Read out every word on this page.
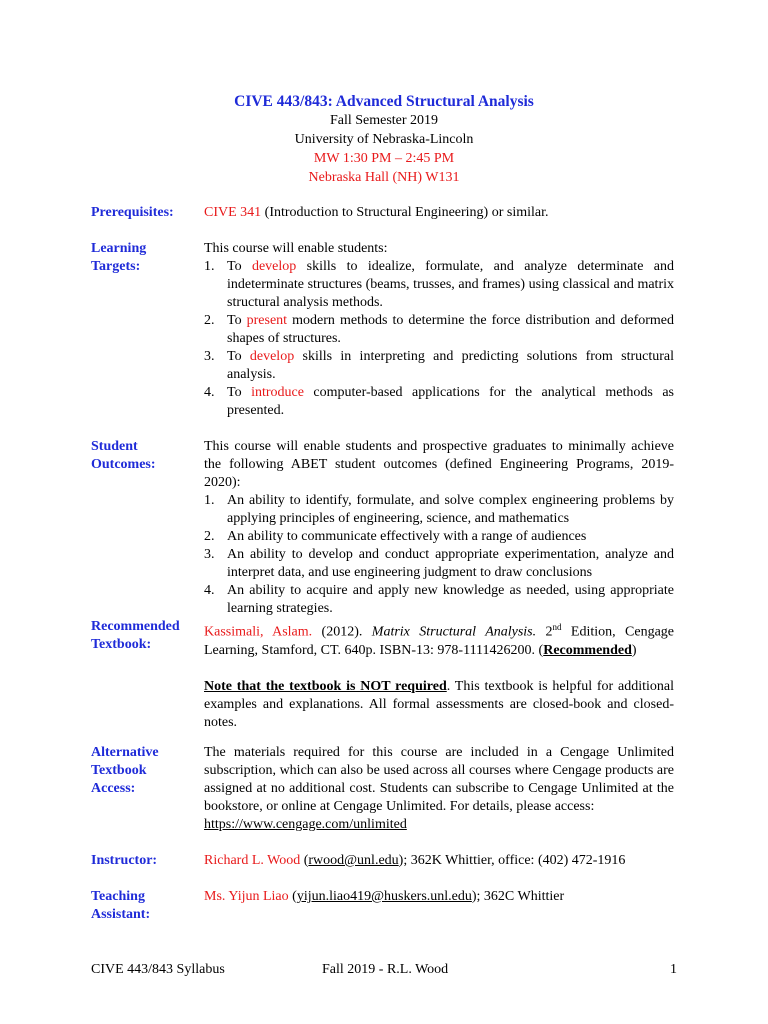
CIVE 443/843: Advanced Structural Analysis
Fall Semester 2019
University of Nebraska-Lincoln
MW 1:30 PM – 2:45 PM
Nebraska Hall (NH) W131
Prerequisites:	CIVE 341 (Introduction to Structural Engineering) or similar.
Learning
Targets:
This course will enable students:
1. To develop skills to idealize, formulate, and analyze determinate and indeterminate structures (beams, trusses, and frames) using classical and matrix structural analysis methods.
2. To present modern methods to determine the force distribution and deformed shapes of structures.
3. To develop skills in interpreting and predicting solutions from structural analysis.
4. To introduce computer-based applications for the analytical methods as presented.
Student
Outcomes:
This course will enable students and prospective graduates to minimally achieve the following ABET student outcomes (defined Engineering Programs, 2019-2020):
1. An ability to identify, formulate, and solve complex engineering problems by applying principles of engineering, science, and mathematics
2. An ability to communicate effectively with a range of audiences
3. An ability to develop and conduct appropriate experimentation, analyze and interpret data, and use engineering judgment to draw conclusions
4. An ability to acquire and apply new knowledge as needed, using appropriate learning strategies.
Recommended
Textbook:
Kassimali, Aslam. (2012). Matrix Structural Analysis. 2nd Edition, Cengage Learning, Stamford, CT. 640p. ISBN-13: 978-1111426200. (Recommended)
Note that the textbook is NOT required. This textbook is helpful for additional examples and explanations. All formal assessments are closed-book and closed-notes.
Alternative
Textbook
Access:
The materials required for this course are included in a Cengage Unlimited subscription, which can also be used across all courses where Cengage products are assigned at no additional cost. Students can subscribe to Cengage Unlimited at the bookstore, or online at Cengage Unlimited. For details, please access:
https://www.cengage.com/unlimited
Instructor:	Richard L. Wood (rwood@unl.edu); 362K Whittier, office: (402) 472-1916
Teaching
Assistant:
Ms. Yijun Liao (yijun.liao419@huskers.unl.edu); 362C Whittier
CIVE 443/843 Syllabus	Fall 2019 - R.L. Wood	1
